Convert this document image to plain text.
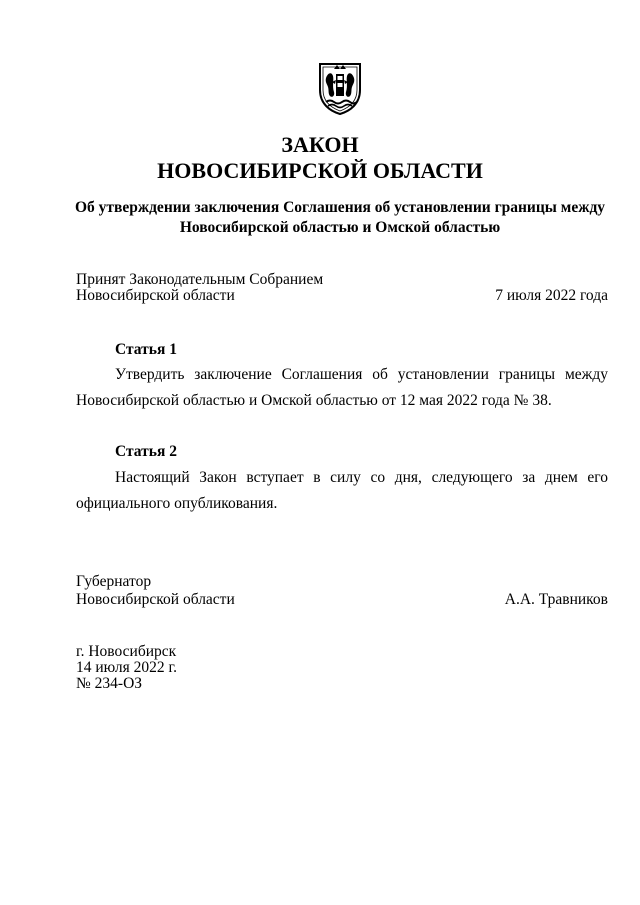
ЗАКОН
НОВОСИБИРСКОЙ ОБЛАСТИ
Об утверждении заключения Соглашения об установлении границы между
Новосибирской областью и Омской областью
Принят Законодательным Собранием
Новосибирской области	7 июля 2022 года
Статья 1
Утвердить заключение Соглашения об установлении границы между
Новосибирской областью и Омской областью от 12 мая 2022 года № 38.
Статья 2
Настоящий Закон вступает в силу со дня, следующего за днем его
официального опубликования.
Губернатор
Новосибирской области	А.А. Травников
г. Новосибирск
14 июля 2022 г.
№ 234-ОЗ
